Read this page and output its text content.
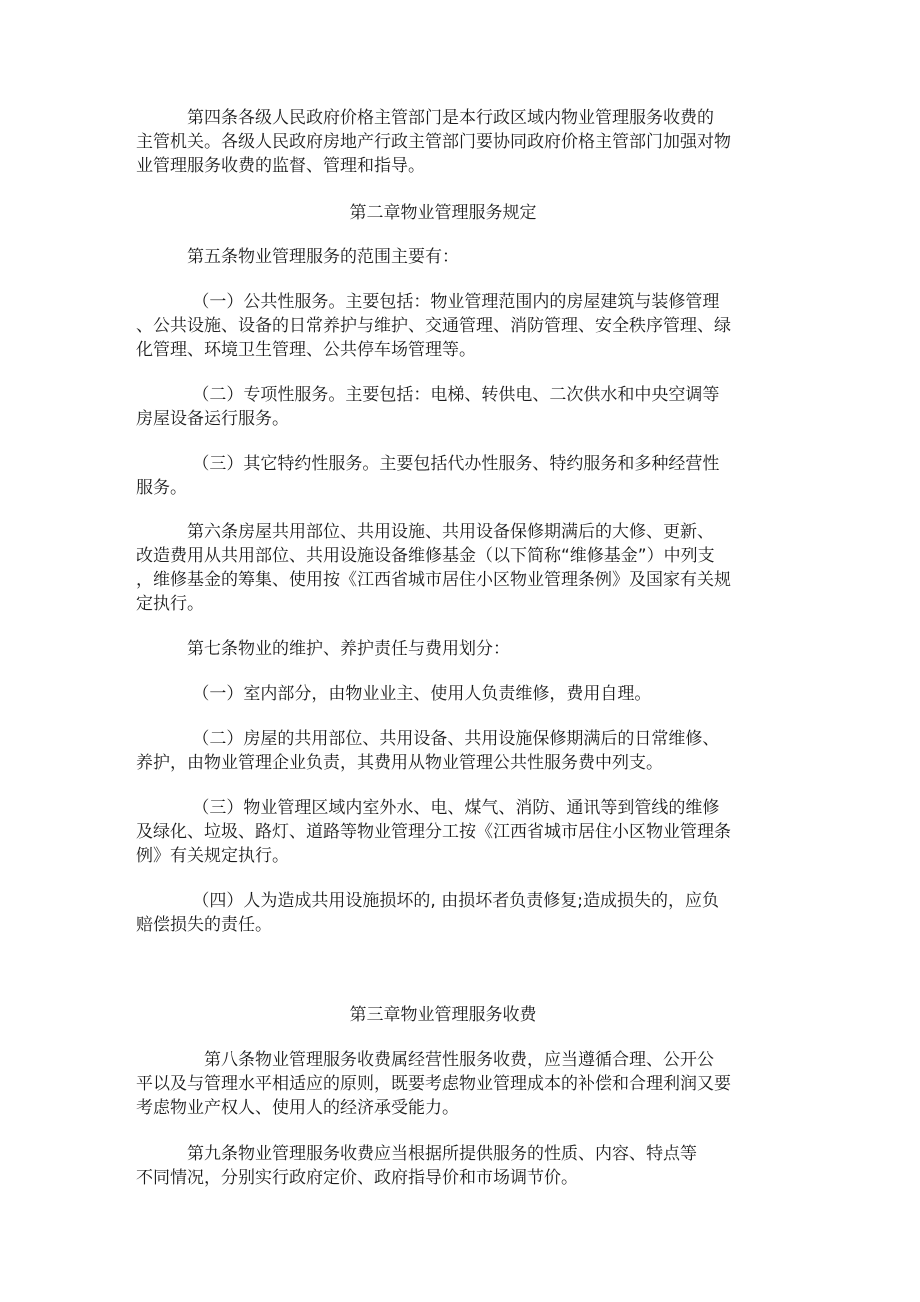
　　　第四条各级人民政府价格主管部门是本行政区域内物业管理服务收费的
主管机关。各级人民政府房地产行政主管部门要协同政府价格主管部门加强对物
业管理服务收费的监督、管理和指导。

第二章物业管理服务规定

　　　第五条物业管理服务的范围主要有：
　　　 （一）公共性服务。主要包括：物业管理范围内的房屋建筑与装修管理
、公共设施、设备的日常养护与维护、交通管理、消防管理、安全秩序管理、绿
化管理、环境卫生管理、公共停车场管理等。
　　　 （二）专项性服务。主要包括：电梯、转供电、二次供水和中央空调等
房屋设备运行服务。
　　　 （三）其它特约性服务。主要包括代办性服务、特约服务和多种经营性
服务。
　　　第六条房屋共用部位、共用设施、共用设备保修期满后的大修、更新、
改造费用从共用部位、共用设施设备维修基金（以下简称“维修基金”）中列支
，维修基金的筹集、使用按《江西省城市居住小区物业管理条例》及国家有关规
定执行。
　　　第七条物业的维护、养护责任与费用划分：
　　　 （一）室内部分，由物业业主、使用人负责维修，费用自理。
　　　 （二）房屋的共用部位、共用设备、共用设施保修期满后的日常维修、
养护，由物业管理企业负责，其费用从物业管理公共性服务费中列支。
　　　 （三）物业管理区域内室外水、电、煤气、消防、通讯等到管线的维修
及绿化、垃圾、路灯、道路等物业管理分工按《江西省城市居住小区物业管理条
例》有关规定执行。
　　　 （四）人为造成共用设施损坏的, 由损坏者负责修复;造成损失的，应负
赔偿损失的责任。

第三章物业管理服务收费

　　　　第八条物业管理服务收费属经营性服务收费，应当遵循合理、公开公
平以及与管理水平相适应的原则，既要考虑物业管理成本的补偿和合理利润又要
考虑物业产权人、使用人的经济承受能力。
　　　第九条物业管理服务收费应当根据所提供服务的性质、内容、特点等
不同情况，分别实行政府定价、政府指导价和市场调节价。
